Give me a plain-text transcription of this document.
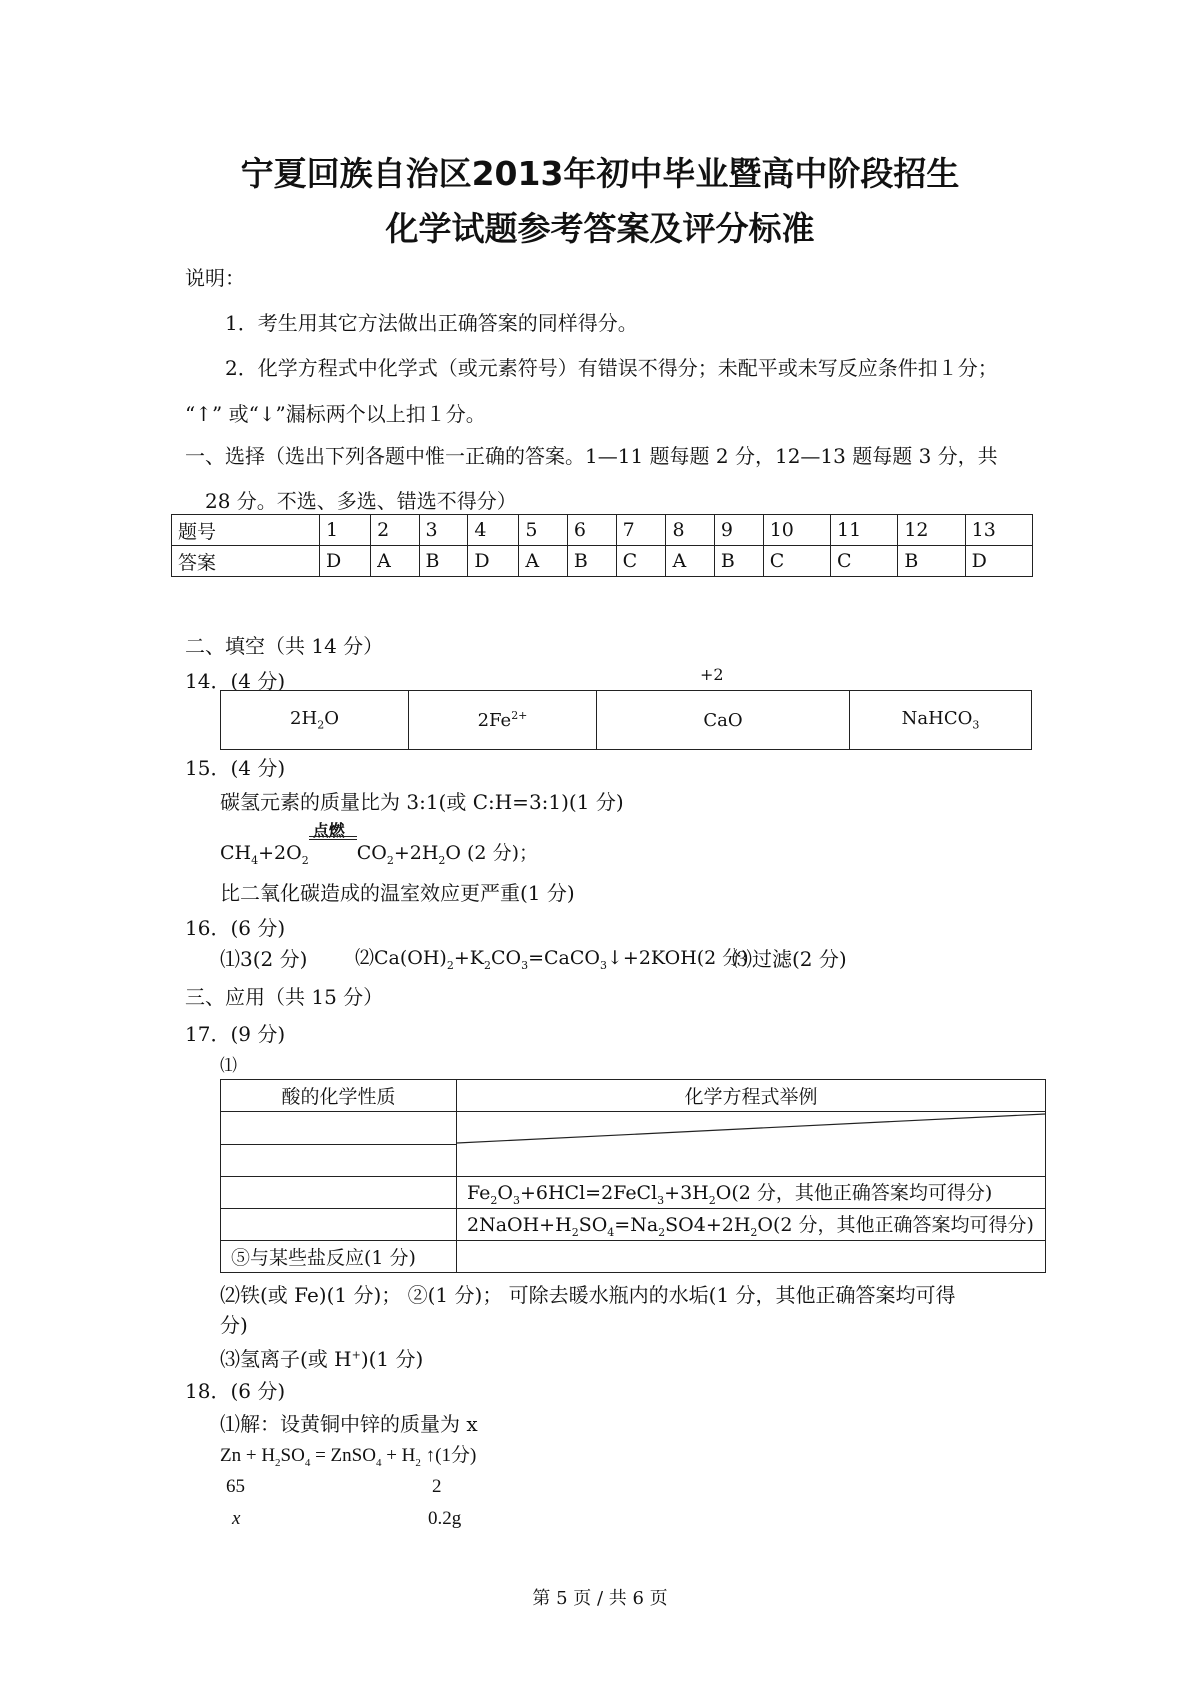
宁夏回族自治区2013年初中毕业暨高中阶段招生
化学试题参考答案及评分标准
说明：
1．考生用其它方法做出正确答案的同样得分。
2．化学方程式中化学式（或元素符号）有错误不得分；未配平或未写反应条件扣１分；
“↑” 或“↓”漏标两个以上扣１分。
一、选择（选出下列各题中惟一正确的答案。1—11 题每题 2 分，12—13 题每题 3 分，共
28 分。不选、多选、错选不得分）
题号	1	2	3	4	5	6	7	8	9	10	11	12	13
答案	D	A	B	D	A	B	C	A	B	C	C	B	D
二、填空（共 14 分）
14．(4 分)	+2
$2H_2O$	$2Fe^{2+}$	CaO	NaHCO$_3$
15．(4 分)
碳氢元素的质量比为 3:1(或 C:H=3:1)(1 分)
$CH_4+2O_2$
点燃
$CO_2+2H_2O$ (2 分)；
比二氧化碳造成的温室效应更严重(1 分)
16．(6 分)
⑴3(2 分)	$⑵Ca(OH)_2+K_2CO_3=CaCO_3↓+2KOH(2$ 分)
⑶过滤(2 分)
三、应用（共 15 分）
17．(9 分)
⑴
酸的化学性质	化学方程式举例

	$Fe_2O_3+6HCl=2FeCl_3+3H_2O(2$ 分，其他正确答案均可得分)
	$2NaOH+H_2SO_4=Na_2SO4+2H_2O(2$ 分，其他正确答案均可得分)
⑤与某些盐反应(1 分)	
⑵铁(或 Fe)(1 分)； ②(1 分)； 可除去暖水瓶内的水垢(1 分，其他正确答案均可得
分)
⑶氢离子(或 H+)(1 分)
18．(6 分)
⑴解：设黄铜中锌的质量为 x
$Zn + H_2SO_4$ = ZnSO$_4$ + $H_2$ ↑(1分)
65	2
x	0.2g
第 5 页 / 共 6 页
